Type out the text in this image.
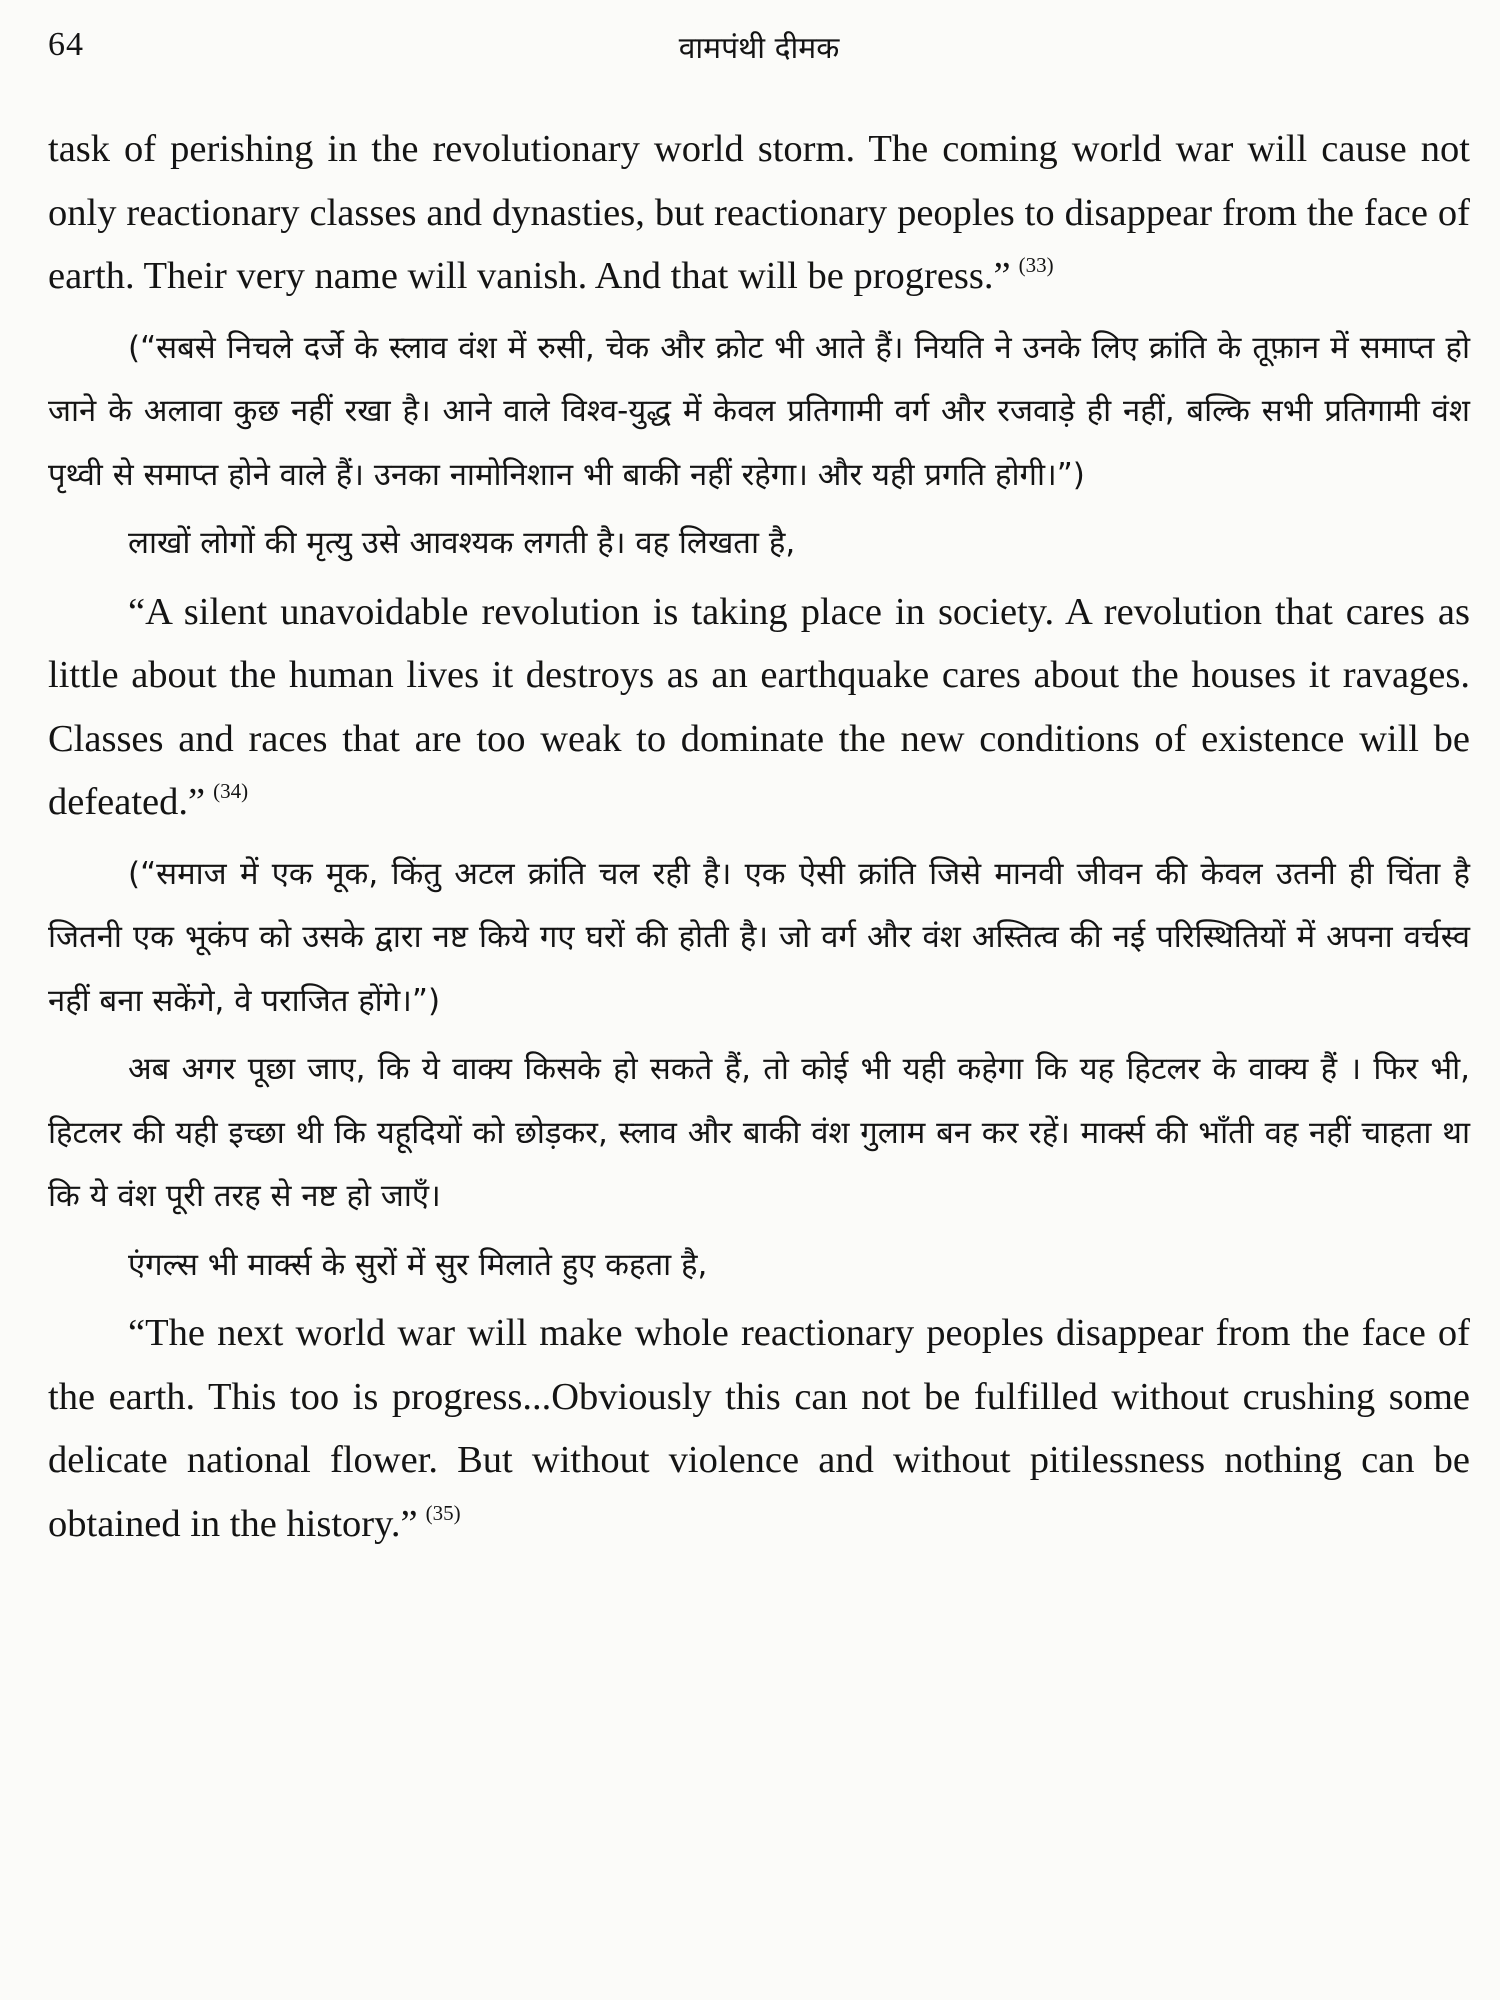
64	वामपंथी दीमक

task of perishing in the revolutionary world storm. The coming world war will cause not only reactionary classes and dynasties, but reactionary peoples to disappear from the face of earth. Their very name will vanish. And that will be progress.” $^{(33)}$

(“सबसे निचले दर्जे के स्लाव वंश में रुसी, चेक और क्रोट भी आते हैं। नियति ने उनके लिए क्रांति के तूफ़ान में समाप्त हो जाने के अलावा कुछ नहीं रखा है। आने वाले विश्व-युद्ध में केवल प्रतिगामी वर्ग और रजवाड़े ही नहीं, बल्कि सभी प्रतिगामी वंश पृथ्वी से समाप्त होने वाले हैं। उनका नामोनिशान भी बाकी नहीं रहेगा। और यही प्रगति होगी।”)

लाखों लोगों की मृत्यु उसे आवश्यक लगती है। वह लिखता है,

“A silent unavoidable revolution is taking place in society. A revolution that cares as little about the human lives it destroys as an earthquake cares about the houses it ravages. Classes and races that are too weak to dominate the new conditions of existence will be defeated.” $^{(34)}$

(“समाज में एक मूक, किंतु अटल क्रांति चल रही है। एक ऐसी क्रांति जिसे मानवी जीवन की केवल उतनी ही चिंता है जितनी एक भूकंप को उसके द्वारा नष्ट किये गए घरों की होती है। जो वर्ग और वंश अस्तित्व की नई परिस्थितियों में अपना वर्चस्व नहीं बना सकेंगे, वे पराजित होंगे।”)

अब अगर पूछा जाए, कि ये वाक्य किसके हो सकते हैं, तो कोई भी यही कहेगा कि यह हिटलर के वाक्य हैं । फिर भी, हिटलर की यही इच्छा थी कि यहूदियों को छोड़कर, स्लाव और बाकी वंश गुलाम बन कर रहें। मार्क्स की भाँती वह नहीं चाहता था कि ये वंश पूरी तरह से नष्ट हो जाएँ।

एंगल्स भी मार्क्स के सुरों में सुर मिलाते हुए कहता है,

“The next world war will make whole reactionary peoples disappear from the face of the earth. This too is progress...Obviously this can not be fulfilled without crushing some delicate national flower. But without violence and without pitilessness nothing can be obtained in the history.” $^{(35)}$
